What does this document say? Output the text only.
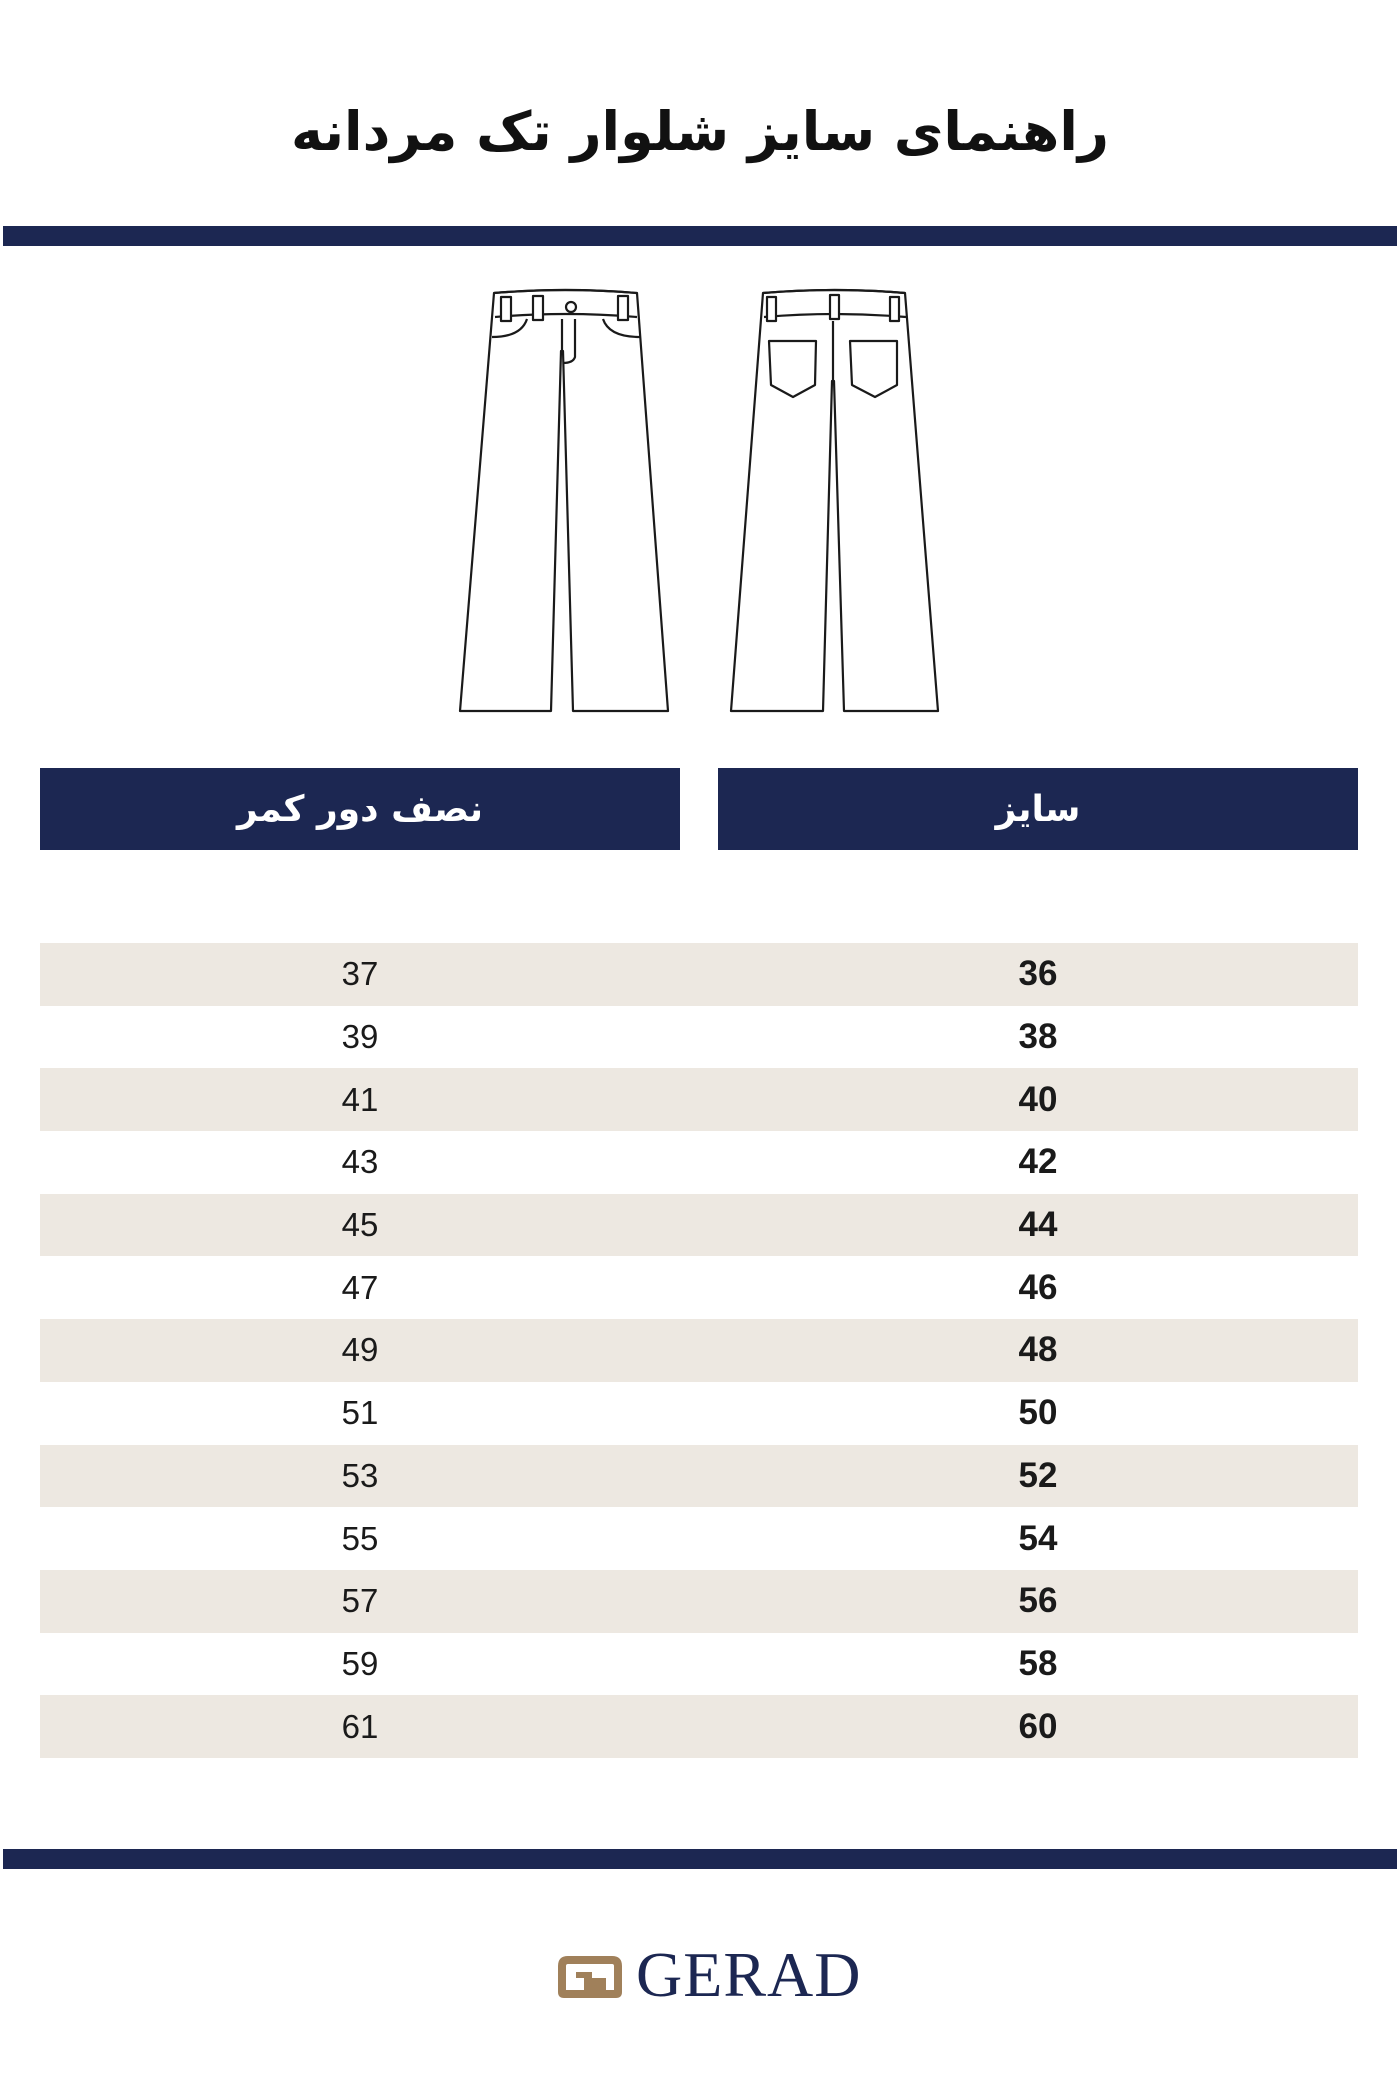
راهنمای سایز شلوار تک مردانه
نصف دور کمر	سایز
37	36
39	38
41	40
43	42
45	44
47	46
49	48
51	50
53	52
55	54
57	56
59	58
61	60
GERAD
